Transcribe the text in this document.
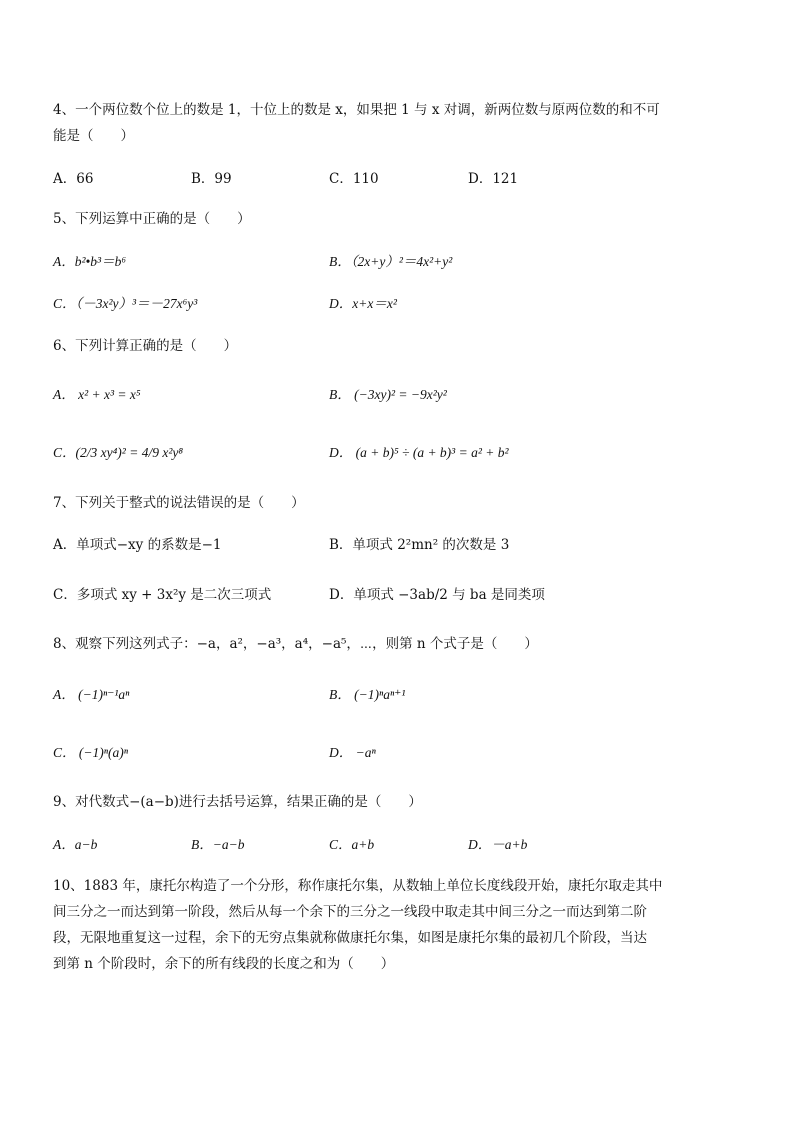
4、一个两位数个位上的数是 1，十位上的数是 x，如果把 1 与 x 对调，新两位数与原两位数的和不可
能是（　　）
A．66	B．99	C．110	D．121
5、下列运算中正确的是（　　）
A．b²•b³＝b⁶	B．（2x+y）²＝4x²+y²
C．（－3x²y）³＝－27x⁶y³	D．x+x＝x²
6、下列计算正确的是（　　）
A． x² + x³ = x⁵	B． (−3xy)² = −9x²y²
C．(2/3 xy⁴)² = 4/9 x²y⁸	D． (a + b)⁵ ÷ (a + b)³ = a² + b²
7、下列关于整式的说法错误的是（　　）
A．单项式−xy 的系数是−1	B．单项式 2²mn² 的次数是 3
C．多项式 xy + 3x²y 是二次三项式	D．单项式 −3ab/2 与 ba 是同类项
8、观察下列这列式子：−a，a²，−a³，a⁴，−a⁵，⋯，则第 n 个式子是（　　）
A． (−1)ⁿ⁻¹aⁿ	B． (−1)ⁿaⁿ⁺¹
C． (−1)ⁿ(a)ⁿ	D． −aⁿ
9、对代数式−(a−b)进行去括号运算，结果正确的是（　　）
A．a−b	B．−a−b	C．a+b	D．－a+b
10、1883 年，康托尔构造了一个分形，称作康托尔集，从数轴上单位长度线段开始，康托尔取走其中
间三分之一而达到第一阶段，然后从每一个余下的三分之一线段中取走其中间三分之一而达到第二阶
段，无限地重复这一过程，余下的无穷点集就称做康托尔集，如图是康托尔集的最初几个阶段，当达
到第 n 个阶段时，余下的所有线段的长度之和为（　　）
